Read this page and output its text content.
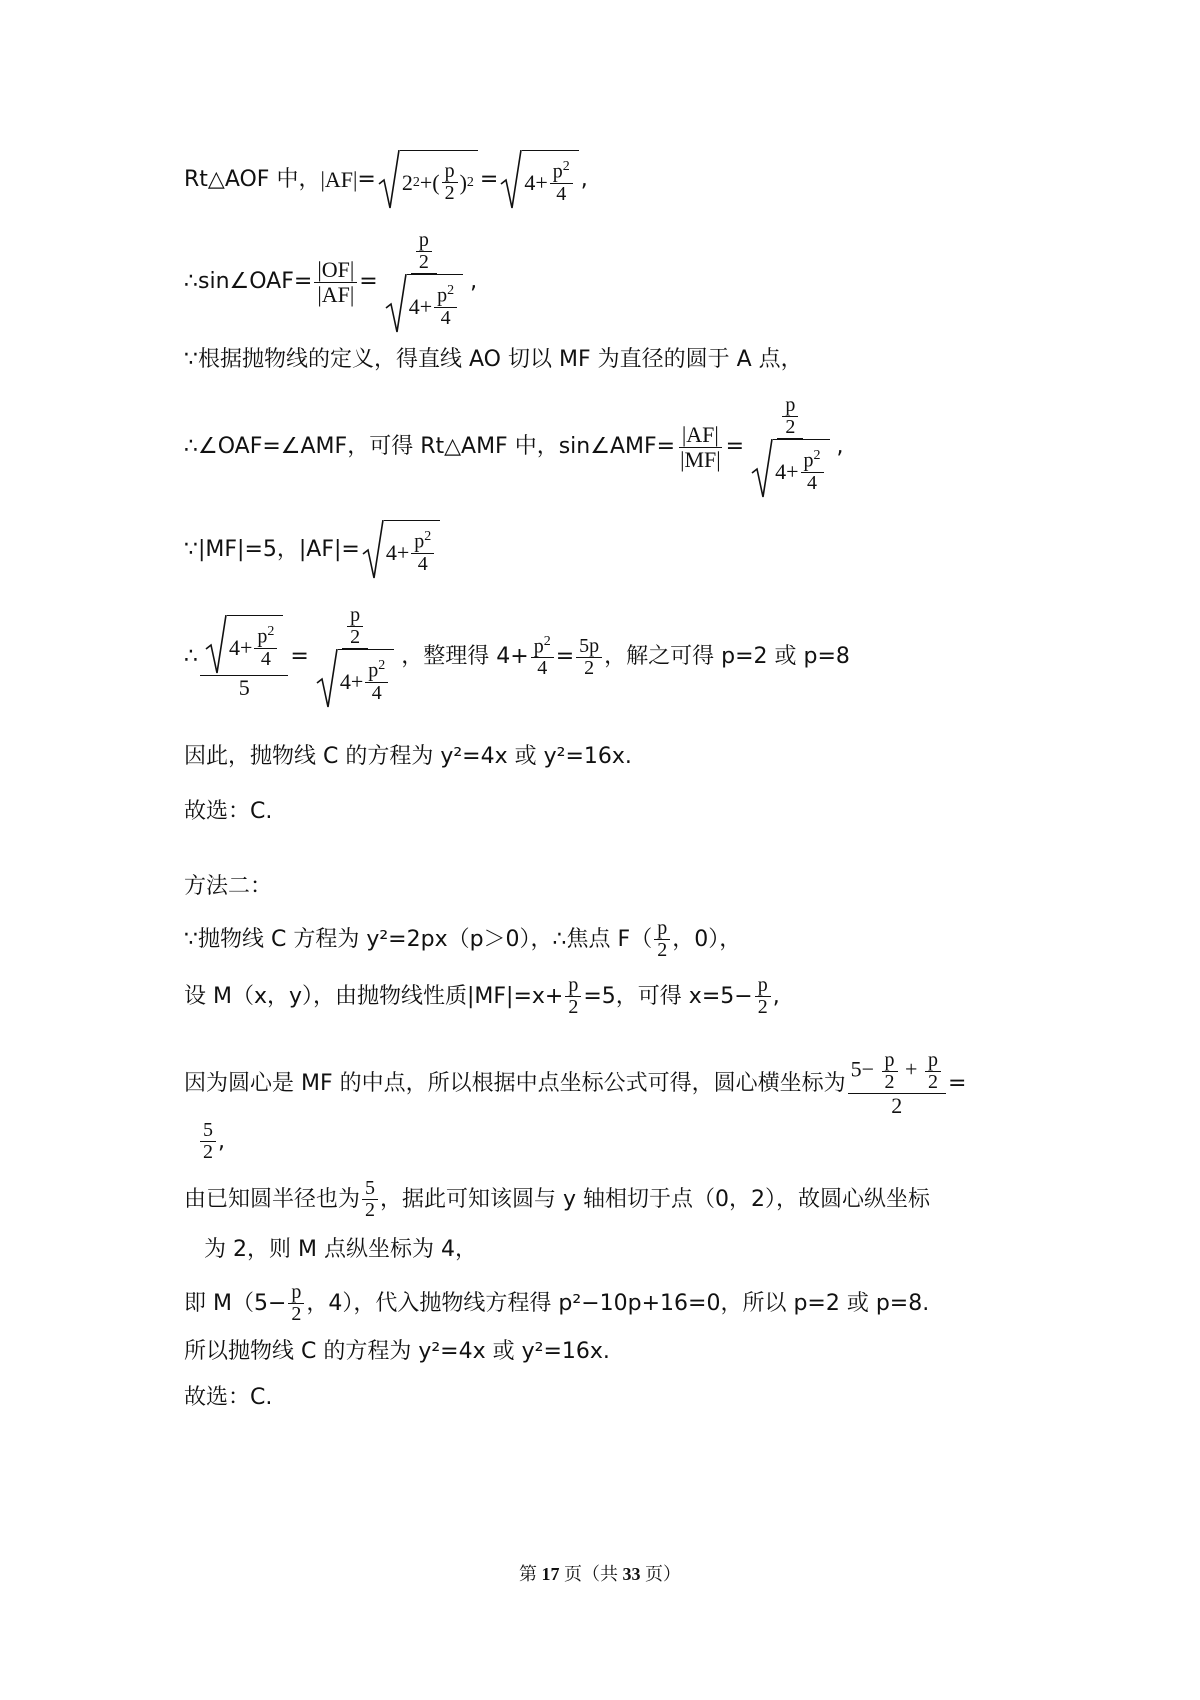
Rt△AOF 中， |AF| = 2 2 +( $\frac{p}{2}$ ) $2 = 4+ \frac{p^2}{4}$ ,
∴sin∠OAF= $\frac{|OF|}{|AF|} = \frac{\frac{p}{2}}{4+ \frac{p^2}{4}}$ ,
∵根据抛物线的定义，得直线 AO 切以 MF 为直径的圆于 A 点，
∴∠OAF=∠AMF，可得 Rt△AMF 中，sin∠AMF= $\frac{|AF|}{|MF|} = \frac{\frac{p}{2}}{4+ \frac{p^2}{4}}$ ,
∵|MF|=5，$|AF|= 4+ \frac{p^2}{4}$
∴ $\frac{4+ \frac{p^2}{4}}{5} = \frac{\frac{p}{2}}{4+ \frac{p^2}{4}}$ ，整理得 $4+ \frac{p^2}{4} = \frac{5p}{2}$ ，解之可得 p=2 或 p=8
因此，抛物线 C 的方程为 y²=4x 或 y²=16x.
故选：C.
方法二：
∵抛物线 C 方程为 y²=2px（p＞0），∴焦点 $F( \frac{p}{2}$ ，0），
设 M（x，y），由抛物线性质$|MF|=x+ \frac{p}{2} =5$，可得 $x=5 - \frac{p}{2}$ ,
因为圆心是 MF 的中点，所以根据中点坐标公式可得，圆心横坐标为 $\frac{5- \frac{p}{2} + \frac{p}{2}}{2}$ =
$\frac{5}{2}$ ,
由已知圆半径也为 $\frac{5}{2}$ ，据此可知该圆与 y 轴相切于点（0，2），故圆心纵坐标
为 2，则 M 点纵坐标为 4，
即 $M(5 - \frac{p}{2}$ ，4），代入抛物线方程得 p²−10p+16=0，所以 p=2 或 p=8.
所以抛物线 C 的方程为 y²=4x 或 y²=16x.
故选：C.
第 17 页（共 33 页）
